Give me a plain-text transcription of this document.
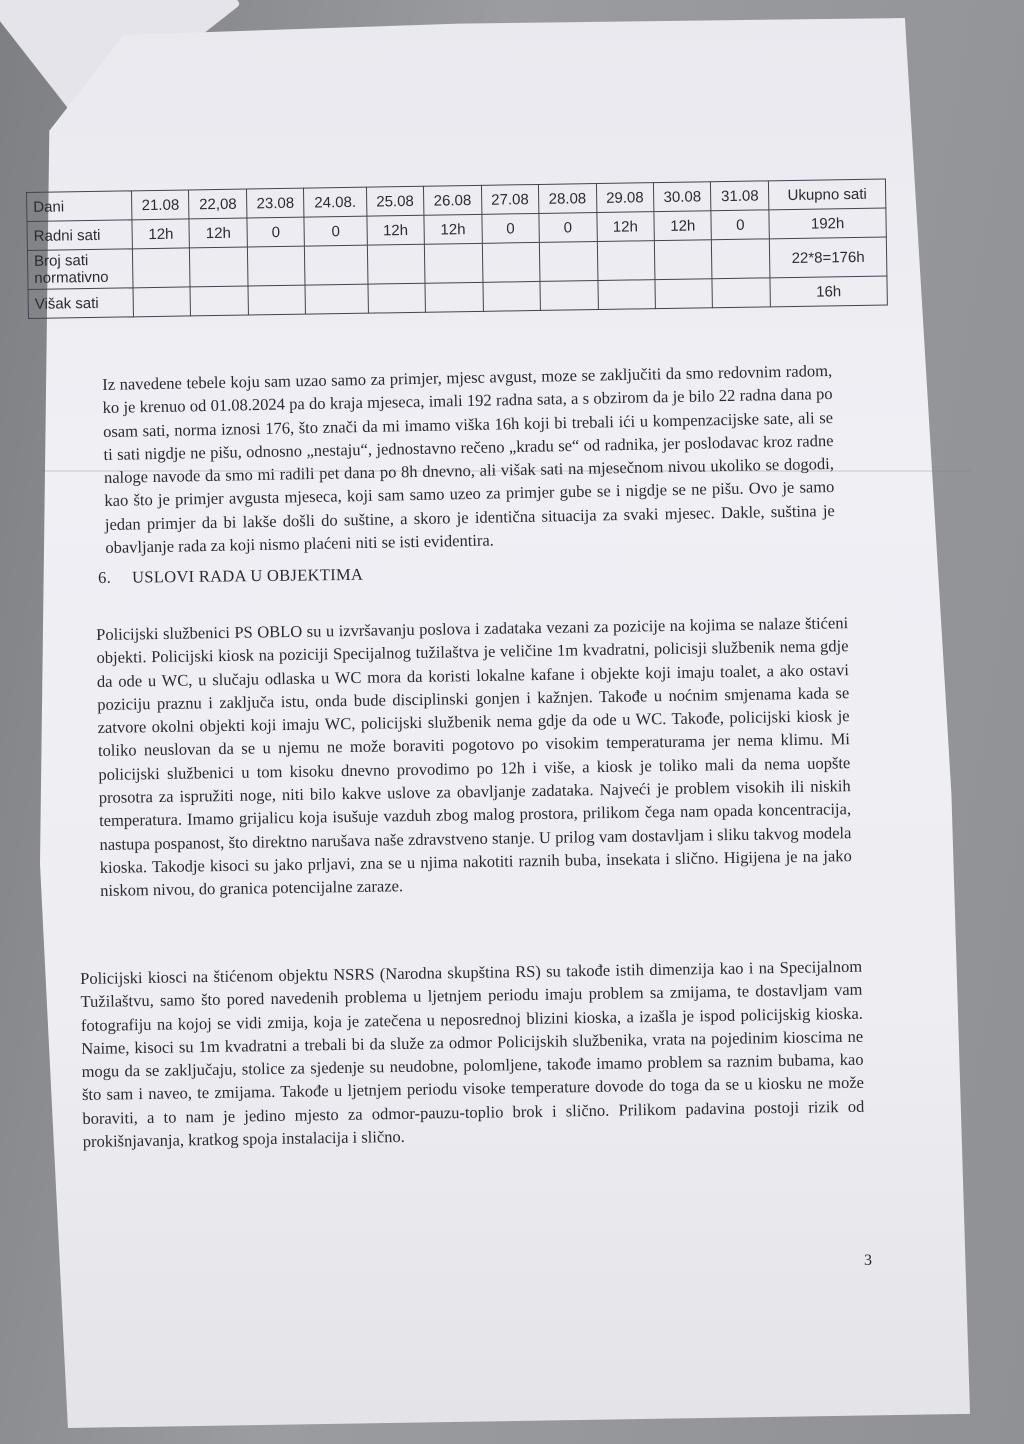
Dani	21.08	22,08	23.08	24.08.	25.08	26.08	27.08	28.08	29.08	30.08	31.08	Ukupno sati
Radni sati	12h	12h	0	0	12h	12h	0	0	12h	12h	0	192h
Broj sati normativno												22*8=176h
Višak sati												16h

Iz navedene tebele koju sam uzao samo za primjer, mjesc avgust, moze se zaključiti da smo redovnim radom, ko je krenuo od 01.08.2024 pa do kraja mjeseca, imali 192 radna sata, a s obzirom da je bilo 22 radna dana po osam sati, norma iznosi 176, što znači da mi imamo viška 16h koji bi trebali ići u kompenzacijske sate, ali se ti sati nigdje ne pišu, odnosno „nestaju“, jednostavno rečeno „kradu se“ od radnika, jer poslodavac kroz radne naloge navode da smo mi radili pet dana po 8h dnevno, ali višak sati na mjesečnom nivou ukoliko se dogodi, kao što je primjer avgusta mjeseca, koji sam samo uzeo za primjer gube se i nigdje se ne pišu. Ovo je samo jedan primjer da bi lakše došli do suštine, a skoro je identična situacija za svaki mjesec. Dakle, suština je obavljanje rada za koji nismo plaćeni niti se isti evidentira.

6. USLOVI RADA U OBJEKTIMA

Policijski službenici PS OBLO su u izvršavanju poslova i zadataka vezani za pozicije na kojima se nalaze štićeni objekti. Policijski kiosk na poziciji Specijalnog tužilaštva je veličine 1m kvadratni, policisji službenik nema gdje da ode u WC, u slučaju odlaska u WC mora da koristi lokalne kafane i objekte koji imaju toalet, a ako ostavi poziciju praznu i zaključa istu, onda bude disciplinski gonjen i kažnjen. Takođe u noćnim smjenama kada se zatvore okolni objekti koji imaju WC, policijski službenik nema gdje da ode u WC. Takođe, policijski kiosk je toliko neuslovan da se u njemu ne može boraviti pogotovo po visokim temperaturama jer nema klimu. Mi policijski službenici u tom kisoku dnevno provodimo po 12h i više, a kiosk je toliko mali da nema uopšte prosotra za ispružiti noge, niti bilo kakve uslove za obavljanje zadataka. Najveći je problem visokih ili niskih temperatura. Imamo grijalicu koja isušuje vazduh zbog malog prostora, prilikom čega nam opada koncentracija, nastupa pospanost, što direktno narušava naše zdravstveno stanje. U prilog vam dostavljam i sliku takvog modela kioska. Takodje kisoci su jako prljavi, zna se u njima nakotiti raznih buba, insekata i slično. Higijena je na jako niskom nivou, do granica potencijalne zaraze.

Policijski kiosci na štićenom objektu NSRS (Narodna skupština RS) su takođe istih dimenzija kao i na Specijalnom Tužilaštvu, samo što pored navedenih problema u ljetnjem periodu imaju problem sa zmijama, te dostavljam vam fotografiju na kojoj se vidi zmija, koja je zatečena u neposrednoj blizini kioska, a izašla je ispod policijskig kioska. Naime, kisoci su 1m kvadratni a trebali bi da služe za odmor Policijskih službenika, vrata na pojedinim kioscima ne mogu da se zaključaju, stolice za sjedenje su neudobne, polomljene, takođe imamo problem sa raznim bubama, kao što sam i naveo, te zmijama. Takođe u ljetnjem periodu visoke temperature dovode do toga da se u kiosku ne može boraviti, a to nam je jedino mjesto za odmor-pauzu-toplio brok i slično. Prilikom padavina postoji rizik od prokišnjavanja, kratkog spoja instalacija i slično.

3
